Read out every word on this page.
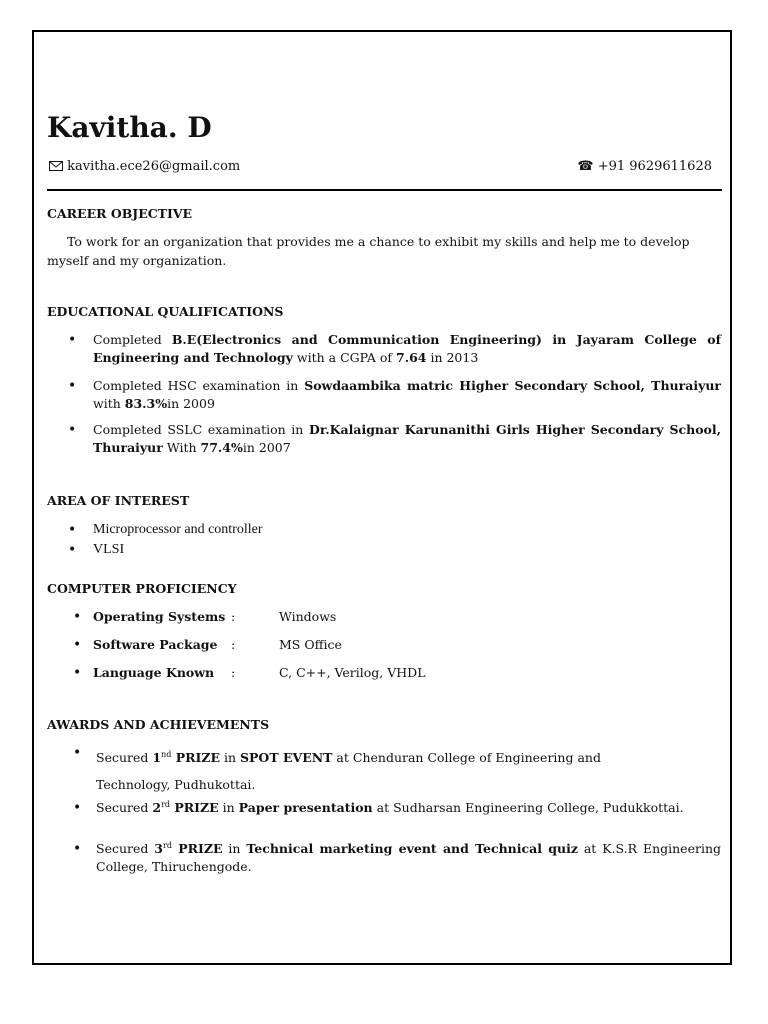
Kavitha. D
kavitha.ece26@gmail.com	☎ +91 9629611628
CAREER OBJECTIVE

To work for an organization that provides me a chance to exhibit my skills and help me to develop myself and my organization.

EDUCATIONAL QUALIFICATIONS
• Completed B.E(Electronics and Communication Engineering) in Jayaram College of Engineering and Technology with a CGPA of 7.64 in 2013
• Completed HSC examination in Sowdaambika matric Higher Secondary School, Thuraiyur with 83.3%in 2009
• Completed SSLC examination in Dr.Kalaignar Karunanithi Girls Higher Secondary School, Thuraiyur With 77.4%in 2007
AREA OF INTEREST
• Microprocessor and controller
• VLSI
COMPUTER PROFICIENCY
• Operating Systems :	Windows
• Software Package :	MS Office
• Language Known :	C, C++, Verilog, VHDL
AWARDS AND ACHIEVEMENTS
• Secured 1nd PRIZE in SPOT EVENT at Chenduran College of Engineering and Technology, Pudhukottai.
• Secured 2rd PRIZE in Paper presentation at Sudharsan Engineering College, Pudukkottai.
• Secured 3rd PRIZE in Technical marketing event and Technical quiz at K.S.R Engineering College, Thiruchengode.
